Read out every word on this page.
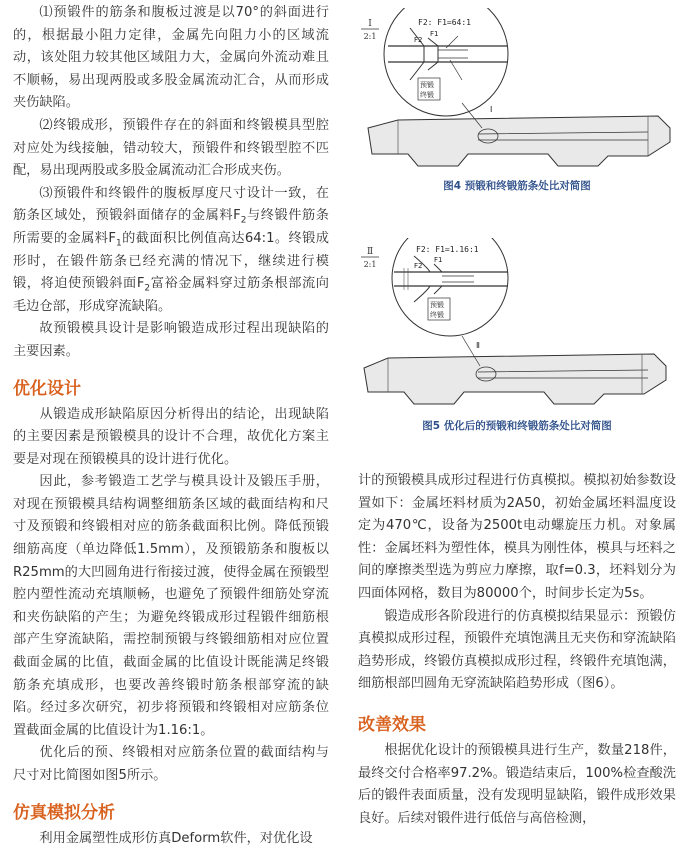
⑴预锻件的筋条和腹板过渡是以70°的斜面进行的，根据最小阻力定律，金属先向阻力小的区域流动，该处阻力较其他区域阻力大，金属向外流动难且不顺畅，易出现两股或多股金属流动汇合，从而形成夹伤缺陷。

⑵终锻成形，预锻件存在的斜面和终锻模具型腔对应处为线接触，错动较大，预锻件和终锻型腔不匹配，易出现两股或多股金属流动汇合形成夹伤。

⑶预锻件和终锻件的腹板厚度尺寸设计一致，在筋条区域处，预锻斜面储存的金属料$F_2$与终锻件筋条所需要的金属料$F_1$的截面积比例值高达64:1。终锻成形时，在锻件筋条已经充满的情况下，继续进行模锻，将迫使预锻斜面$F_2$富裕金属料穿过筋条根部流向毛边仓部，形成穿流缺陷。

故预锻模具设计是影响锻造成形过程出现缺陷的主要因素。

优化设计

从锻造成形缺陷原因分析得出的结论，出现缺陷的主要因素是预锻模具的设计不合理，故优化方案主要是对现在预锻模具的设计进行优化。

因此，参考锻造工艺学与模具设计及锻压手册，对现在预锻模具结构调整细筋条区域的截面结构和尺寸及预锻和终锻相对应的筋条截面积比例。降低预锻细筋高度（单边降低1.5mm），及预锻筋条和腹板以R25mm的大凹圆角进行衔接过渡，使得金属在预锻型腔内塑性流动充填顺畅，也避免了预锻件细筋处穿流和夹伤缺陷的产生；为避免终锻成形过程锻件细筋根部产生穿流缺陷，需控制预锻与终锻细筋相对应位置截面金属的比值，截面金属的比值设计既能满足终锻筋条充填成形，也要改善终锻时筋条根部穿流的缺陷。经过多次研究，初步将预锻和终锻相对应筋条位置截面金属的比值设计为1.16:1。

优化后的预、终锻相对应筋条位置的截面结构与尺寸对比简图如图5所示。

仿真模拟分析

利用金属塑性成形仿真Deform软件，对优化设

Ⅰ
2:1
F2: F1=64:1
F1
F2
预锻
终锻
Ⅰ
图4 预锻和终锻筋条处比对简图
Ⅱ
2:1
F2: F1=1.16:1
F1
F2
预锻
终锻
Ⅱ
图5 优化后的预锻和终锻筋条处比对简图

计的预锻模具成形过程进行仿真模拟。模拟初始参数设置如下：金属坯料材质为2A50，初始金属坯料温度设定为470℃，设备为2500t电动螺旋压力机。对象属性：金属坯料为塑性体，模具为刚性体，模具与坯料之间的摩擦类型选为剪应力摩擦，取f=0.3，坯料划分为四面体网格，数目为80000个，时间步长定为5s。

锻造成形各阶段进行的仿真模拟结果显示：预锻仿真模拟成形过程，预锻件充填饱满且无夹伤和穿流缺陷趋势形成，终锻仿真模拟成形过程，终锻件充填饱满，细筋根部凹圆角无穿流缺陷趋势形成（图6）。

改善效果

根据优化设计的预锻模具进行生产，数量218件，最终交付合格率97.2%。锻造结束后，100%检查酸洗后的锻件表面质量，没有发现明显缺陷，锻件成形效果良好。后续对锻件进行低倍与高倍检测，
